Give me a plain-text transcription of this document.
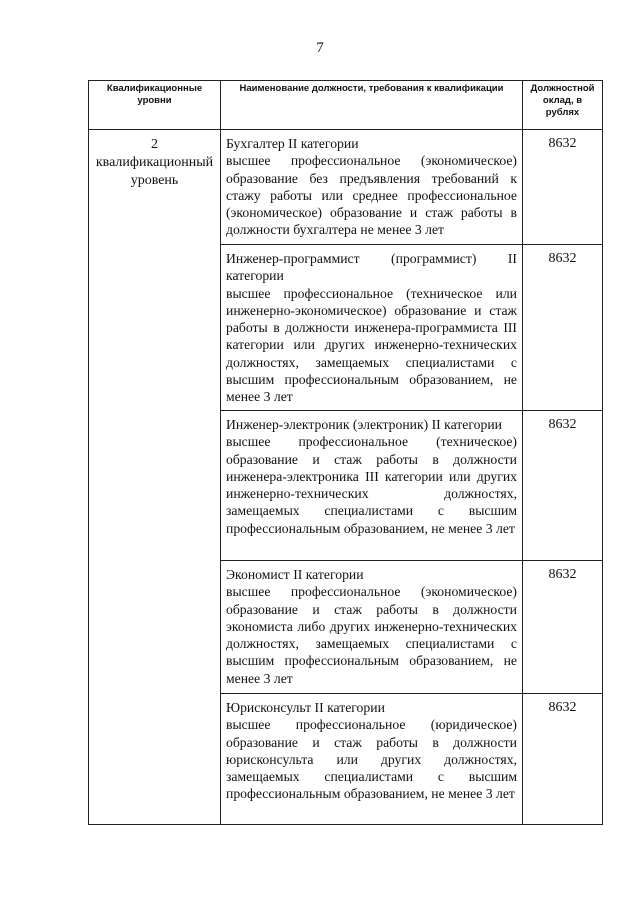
7
Квалификационные уровни	Наименование должности, требования к квалификации	Должностной оклад, в рублях
2 квалификационный уровень	Бухгалтер II категории
высшее профессиональное (экономическое) образование без предъявления требований к стажу работы или среднее профессиональное (экономическое) образование и стаж работы в должности бухгалтера не менее 3 лет	8632

	Инженер-программист (программист) II категории
высшее профессиональное (техническое или инженерно-экономическое) образование и стаж работы в должности инженера-программиста III категории или других инженерно-технических должностях, замещаемых специалистами с высшим профессиональным образованием, не менее 3 лет	8632

	Инженер-электроник (электроник) II категории
высшее профессиональное (техническое) образование и стаж работы в должности инженера-электроника III категории или других инженерно-технических должностях, замещаемых специалистами с высшим профессиональным образованием, не менее 3 лет	8632

	Экономист II категории
высшее профессиональное (экономическое) образование и стаж работы в должности экономиста либо других инженерно-технических должностях, замещаемых специалистами с высшим профессиональным образованием, не менее 3 лет	8632

	Юрисконсульт II категории
высшее профессиональное (юридическое) образование и стаж работы в должности юрисконсульта или других должностях, замещаемых специалистами с высшим профессиональным образованием, не менее 3 лет	8632
